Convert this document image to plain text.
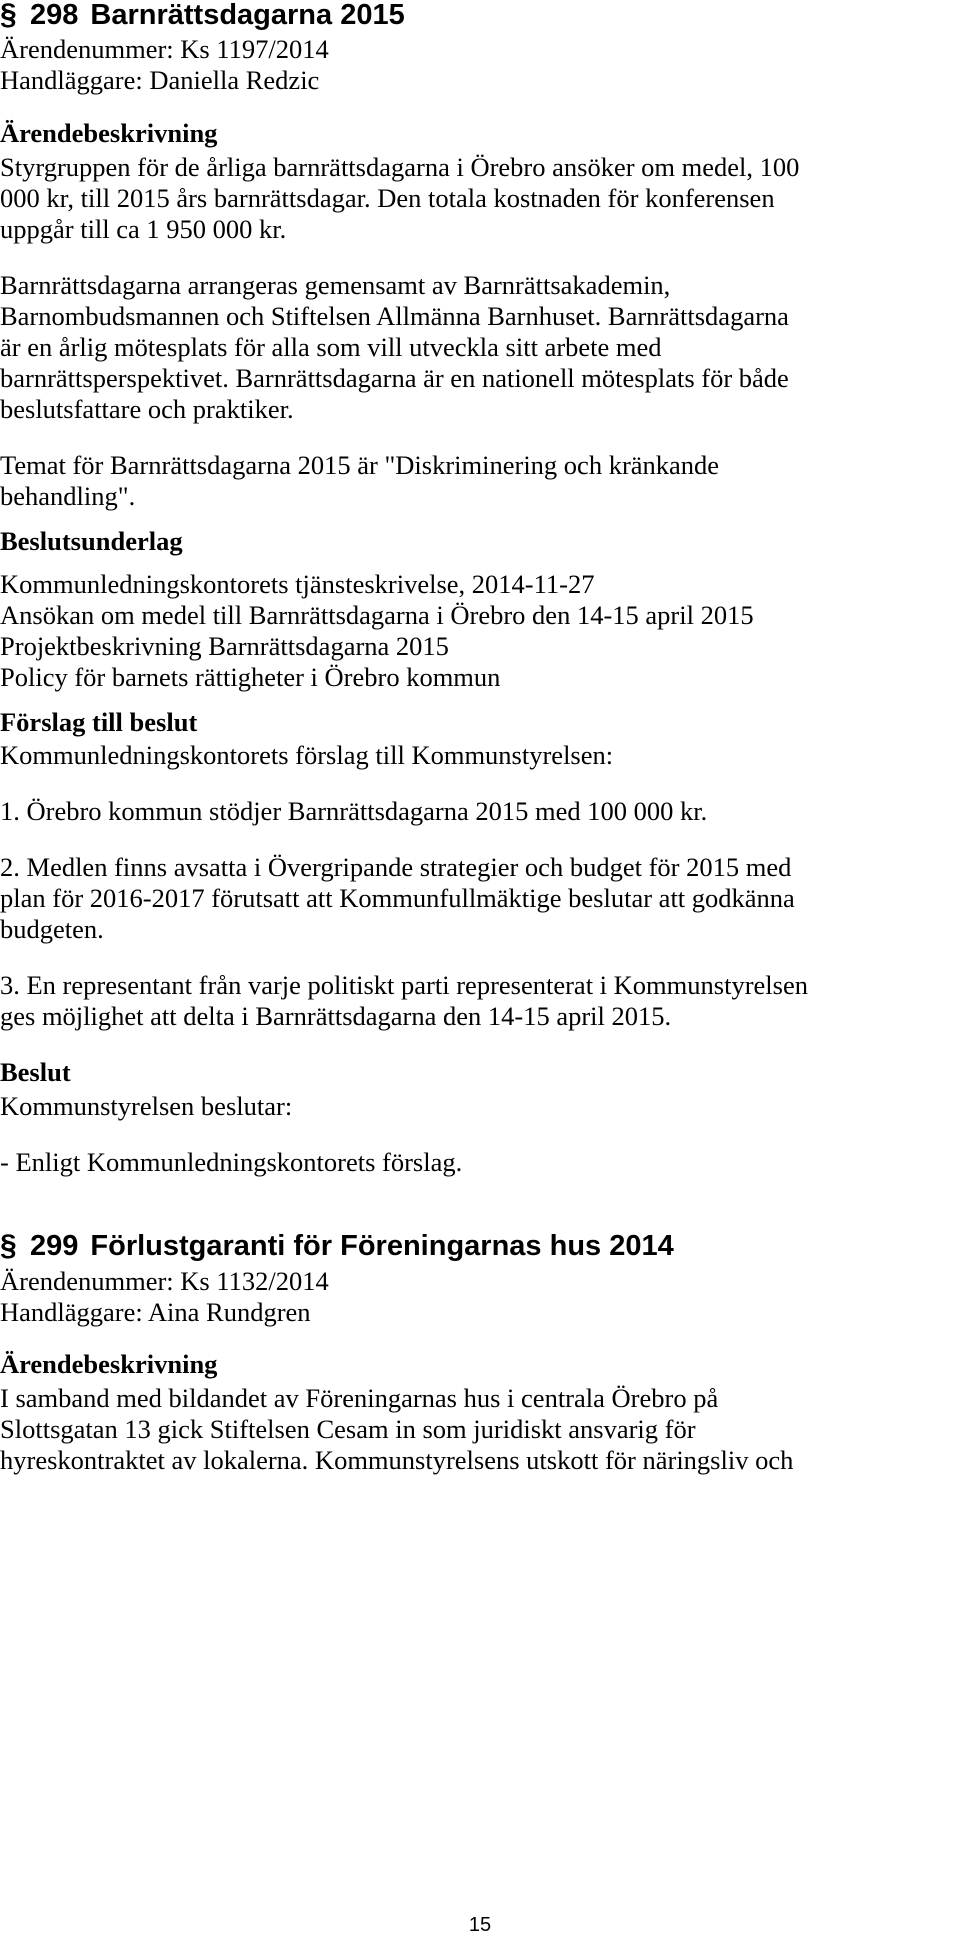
§ 298 Barnrättsdagarna 2015
Ärendenummer: Ks 1197/2014
Handläggare: Daniella Redzic
Ärendebeskrivning
Styrgruppen för de årliga barnrättsdagarna i Örebro ansöker om medel, 100
000 kr, till 2015 års barnrättsdagar. Den totala kostnaden för konferensen
uppgår till ca 1 950 000 kr.
Barnrättsdagarna arrangeras gemensamt av Barnrättsakademin,
Barnombudsmannen och Stiftelsen Allmänna Barnhuset. Barnrättsdagarna
är en årlig mötesplats för alla som vill utveckla sitt arbete med
barnrättsperspektivet. Barnrättsdagarna är en nationell mötesplats för både
beslutsfattare och praktiker.
Temat för Barnrättsdagarna 2015 är "Diskriminering och kränkande
behandling".
Beslutsunderlag
Kommunledningskontorets tjänsteskrivelse, 2014-11-27
Ansökan om medel till Barnrättsdagarna i Örebro den 14-15 april 2015
Projektbeskrivning Barnrättsdagarna 2015
Policy för barnets rättigheter i Örebro kommun
Förslag till beslut
Kommunledningskontorets förslag till Kommunstyrelsen:
1. Örebro kommun stödjer Barnrättsdagarna 2015 med 100 000 kr.
2. Medlen finns avsatta i Övergripande strategier och budget för 2015 med
plan för 2016-2017 förutsatt att Kommunfullmäktige beslutar att godkänna
budgeten.
3. En representant från varje politiskt parti representerat i Kommunstyrelsen
ges möjlighet att delta i Barnrättsdagarna den 14-15 april 2015.
Beslut
Kommunstyrelsen beslutar:
- Enligt Kommunledningskontorets förslag.
§ 299 Förlustgaranti för Föreningarnas hus 2014
Ärendenummer: Ks 1132/2014
Handläggare: Aina Rundgren
Ärendebeskrivning
I samband med bildandet av Föreningarnas hus i centrala Örebro på
Slottsgatan 13 gick Stiftelsen Cesam in som juridiskt ansvarig för
hyreskontraktet av lokalerna. Kommunstyrelsens utskott för näringsliv och
15
